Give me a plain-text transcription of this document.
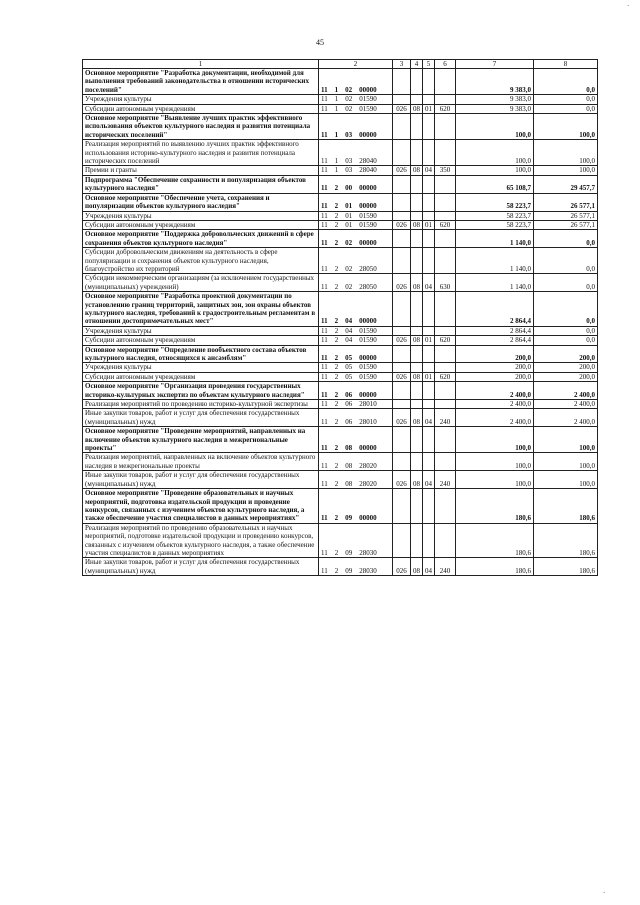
45
1	2	3	4	5	6	7	8
Основное мероприятие "Разработка документации, необходимой для выполнения требований законодательства в отношении исторических поселений"	11 1 02 00000					9 383,0	0,0
Учреждения культуры	11 1 02 01590					9 383,0	0,0
Субсидии автономным учреждениям	11 1 02 01590	026	08	01	620	9 383,0	0,0
Основное мероприятие "Выявление лучших практик эффективного использования объектов культурного наследия и развития потенциала исторических поселений"	11 1 03 00000					100,0	100,0
Реализация мероприятий по выявлению лучших практик эффективного использования историко-культурного наследия и развития потенциала исторических поселений	11 1 03 28040					100,0	100,0
Премии и гранты	11 1 03 28040	026	08	04	350	100,0	100,0
Подпрограмма "Обеспечение сохранности и популяризация объектов культурного наследия"	11 2 00 00000					65 108,7	29 457,7
Основное мероприятие "Обеспечение учета, сохранения и популяризации объектов культурного наследия"	11 2 01 00000					58 223,7	26 577,1
Учреждения культуры	11 2 01 01590					58 223,7	26 577,1
Субсидии автономным учреждениям	11 2 01 01590	026	08	01	620	58 223,7	26 577,1
Основное мероприятие "Поддержка добровольческих движений в сфере сохранения объектов культурного наследия"	11 2 02 00000					1 140,0	0,0
Субсидии добровольческим движениям на деятельность в сфере популяризации и сохранения объектов культурного наследия, благоустройство их территорий	11 2 02 28050					1 140,0	0,0
Субсидии некоммерческим организациям (за исключением государственных (муниципальных) учреждений)	11 2 02 28050	026	08	04	630	1 140,0	0,0
Основное мероприятие "Разработка проектной документации по установлению границ территорий, защитных зон, зон охраны объектов культурного наследия, требований к градостроительным регламентам в отношении достопримечательных мест"	11 2 04 00000					2 864,4	0,0
Учреждения культуры	11 2 04 01590					2 864,4	0,0
Субсидии автономным учреждениям	11 2 04 01590	026	08	01	620	2 864,4	0,0
Основное мероприятие "Определение пообъектного состава объектов культурного наследия, относящихся к ансамблям"	11 2 05 00000					200,0	200,0
Учреждения культуры	11 2 05 01590					200,0	200,0
Субсидии автономным учреждениям	11 2 05 01590	026	08	01	620	200,0	200,0
Основное мероприятие "Организация проведения государственных историко-культурных экспертиз по объектам культурного наследия"	11 2 06 00000					2 400,0	2 400,0
Реализация мероприятий по проведению историко-культурной экспертизы	11 2 06 28010					2 400,0	2 400,0
Иные закупки товаров, работ и услуг для обеспечения государственных (муниципальных) нужд	11 2 06 28010	026	08	04	240	2 400,0	2 400,0
Основное мероприятие "Проведение мероприятий, направленных на включение объектов культурного наследия в межрегиональные проекты"	11 2 08 00000					100,0	100,0
Реализация мероприятий, направленных на включение объектов культурного наследия в межрегиональные проекты	11 2 08 28020					100,0	100,0
Иные закупки товаров, работ и услуг для обеспечения государственных (муниципальных) нужд	11 2 08 28020	026	08	04	240	100,0	100,0
Основное мероприятие "Проведение образовательных и научных мероприятий, подготовка издательской продукции и проведение конкурсов, связанных с изучением объектов культурного наследия, а также обеспечение участия специалистов в данных мероприятиях"	11 2 09 00000					180,6	180,6
Реализация мероприятий по проведению образовательных и научных мероприятий, подготовке издательской продукции и проведению конкурсов, связанных с изучением объектов культурного наследия, а также обеспечение участия специалистов в данных мероприятиях	11 2 09 28030					180,6	180,6
Иные закупки товаров, работ и услуг для обеспечения государственных (муниципальных) нужд	11 2 09 28030	026	08	04	240	180,6	180,6
·
·
